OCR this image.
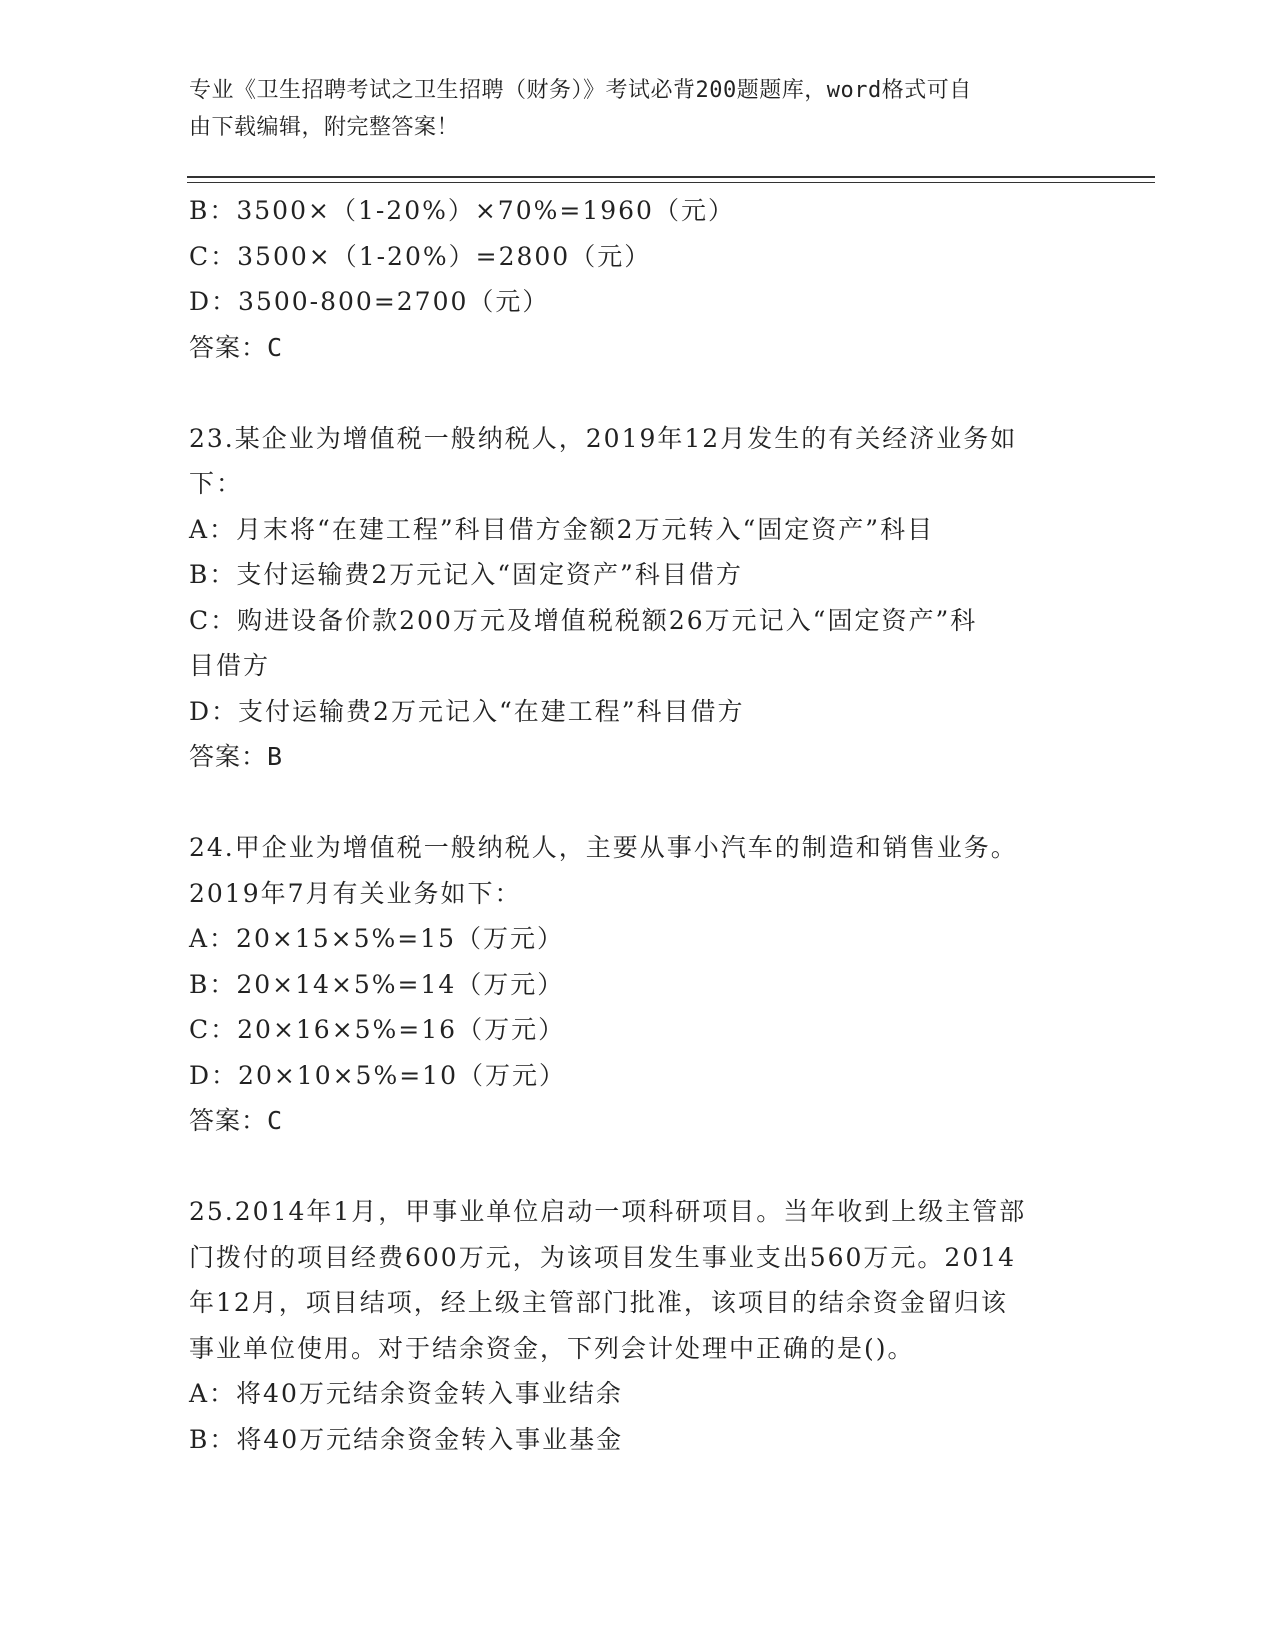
专业《卫生招聘考试之卫生招聘（财务）》考试必背200题题库，word格式可自
由下载编辑，附完整答案！
B：3500×（1-20%）×70%=1960（元）
C：3500×（1-20%）=2800（元）
D：3500-800=2700（元）
答案：C
23.某企业为增值税一般纳税人，2019年12月发生的有关经济业务如
下：
A：月末将“在建工程”科目借方金额2万元转入“固定资产”科目
B：支付运输费2万元记入“固定资产”科目借方
C：购进设备价款200万元及增值税税额26万元记入“固定资产”科
目借方
D：支付运输费2万元记入“在建工程”科目借方
答案：B
24.甲企业为增值税一般纳税人，主要从事小汽车的制造和销售业务。
2019年7月有关业务如下：
A：20×15×5%=15（万元）
B：20×14×5%=14（万元）
C：20×16×5%=16（万元）
D：20×10×5%=10（万元）
答案：C
25.2014年1月，甲事业单位启动一项科研项目。当年收到上级主管部
门拨付的项目经费600万元，为该项目发生事业支出560万元。2014
年12月，项目结项，经上级主管部门批准，该项目的结余资金留归该
事业单位使用。对于结余资金，下列会计处理中正确的是()。
A：将40万元结余资金转入事业结余
B：将40万元结余资金转入事业基金
